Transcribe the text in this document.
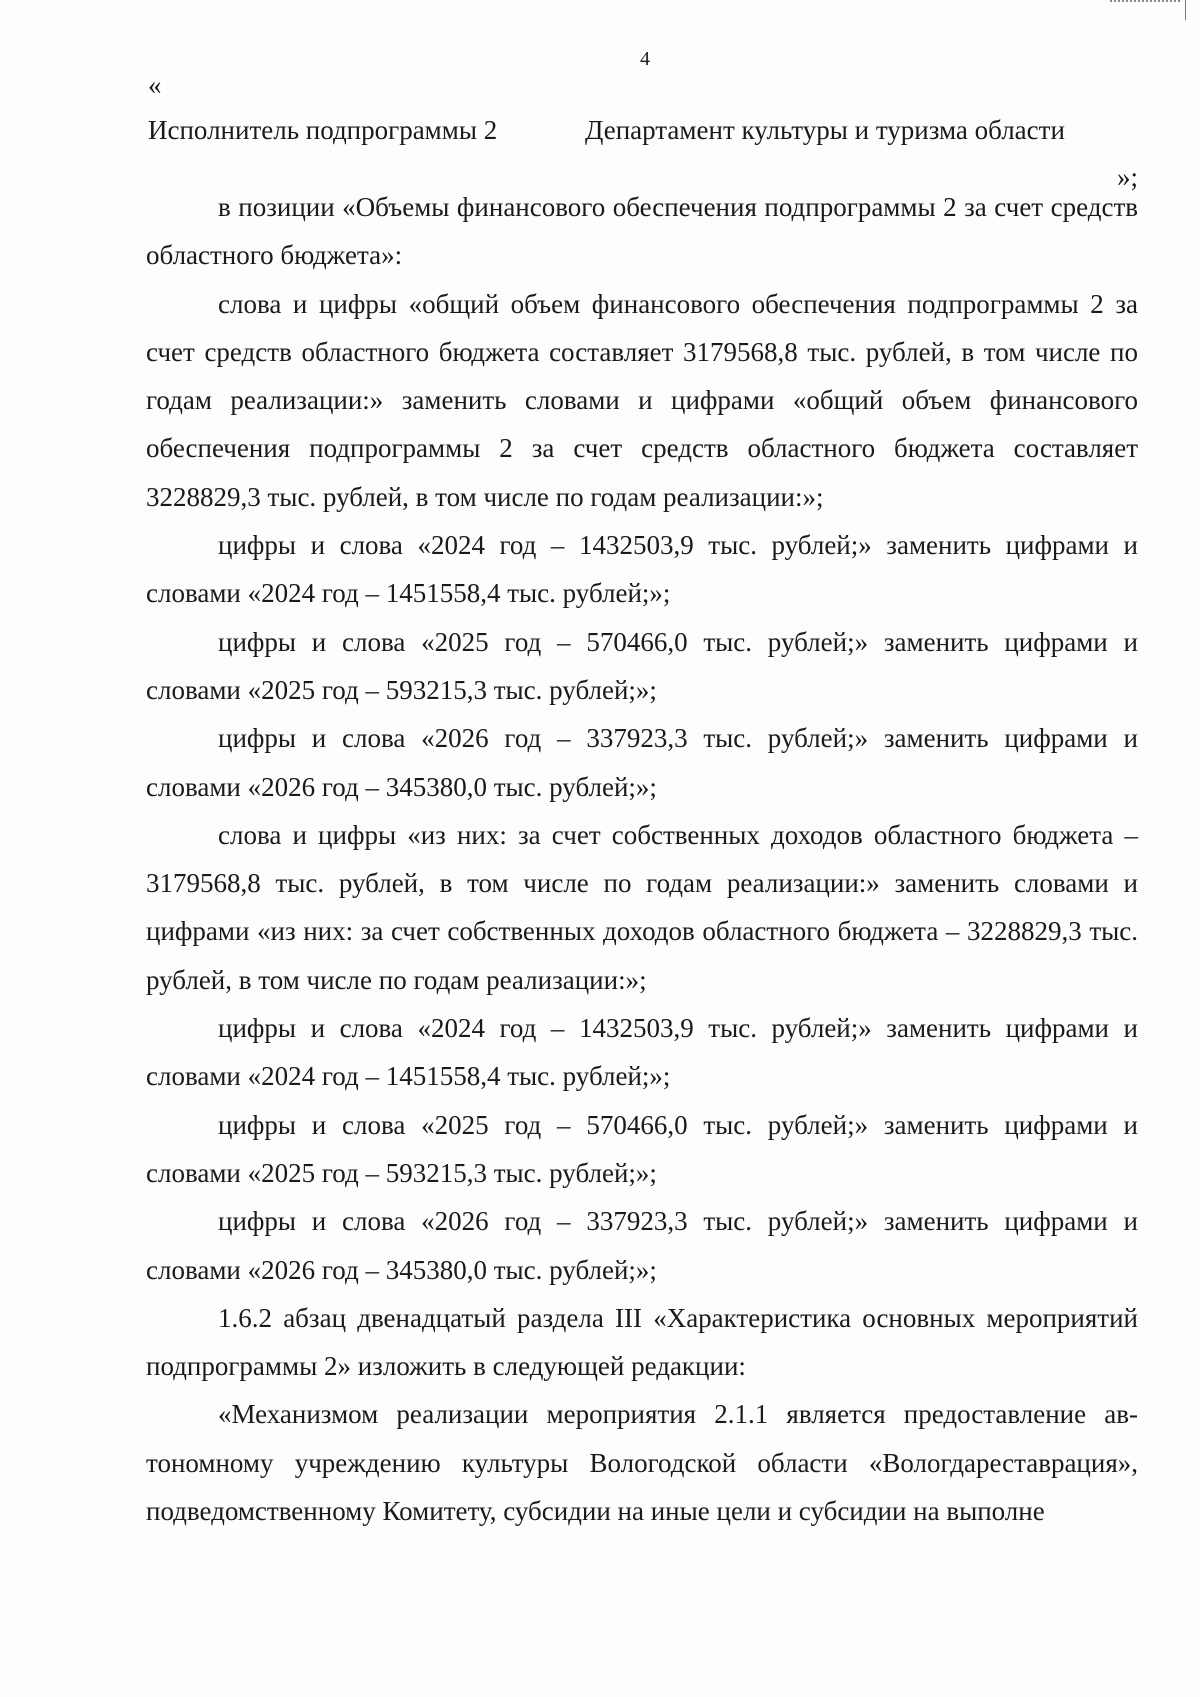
4
«
Исполнитель подпрограммы 2	Департамент культуры и туризма области
»;

в позиции «Объемы финансового обеспечения подпрограммы 2 за счет средств областного бюджета»:

слова и цифры «общий объем финансового обеспечения подпрограммы 2 за счет средств областного бюджета составляет 3179568,8 тыс. рублей, в том числе по годам реализации:» заменить словами и цифрами «общий объем финансового обеспечения подпрограммы 2 за счет средств областного бюджета составляет 3228829,3 тыс. рублей, в том числе по годам реализации:»;

цифры и слова «2024 год – 1432503,9 тыс. рублей;» заменить цифрами и словами «2024 год – 1451558,4 тыс. рублей;»;

цифры и слова «2025 год – 570466,0 тыс. рублей;» заменить цифрами и словами «2025 год – 593215,3 тыс. рублей;»;

цифры и слова «2026 год – 337923,3 тыс. рублей;» заменить цифрами и словами «2026 год – 345380,0 тыс. рублей;»;

слова и цифры «из них: за счет собственных доходов областного бюджета – 3179568,8 тыс. рублей, в том числе по годам реализации:» заменить словами и цифрами «из них: за счет собственных доходов областного бюджета – 3228829,3 тыс. рублей, в том числе по годам реализации:»;

цифры и слова «2024 год – 1432503,9 тыс. рублей;» заменить цифрами и словами «2024 год – 1451558,4 тыс. рублей;»;

цифры и слова «2025 год – 570466,0 тыс. рублей;» заменить цифрами и словами «2025 год – 593215,3 тыс. рублей;»;

цифры и слова «2026 год – 337923,3 тыс. рублей;» заменить цифрами и словами «2026 год – 345380,0 тыс. рублей;»;

1.6.2 абзац двенадцатый раздела III «Характеристика основных мероприятий подпрограммы 2» изложить в следующей редакции:

«Механизмом реализации мероприятия 2.1.1 является предоставление автономному учреждению культуры Вологодской области «Вологдареставрация», подведомственному Комитету, субсидии на иные цели и субсидии на выполне
